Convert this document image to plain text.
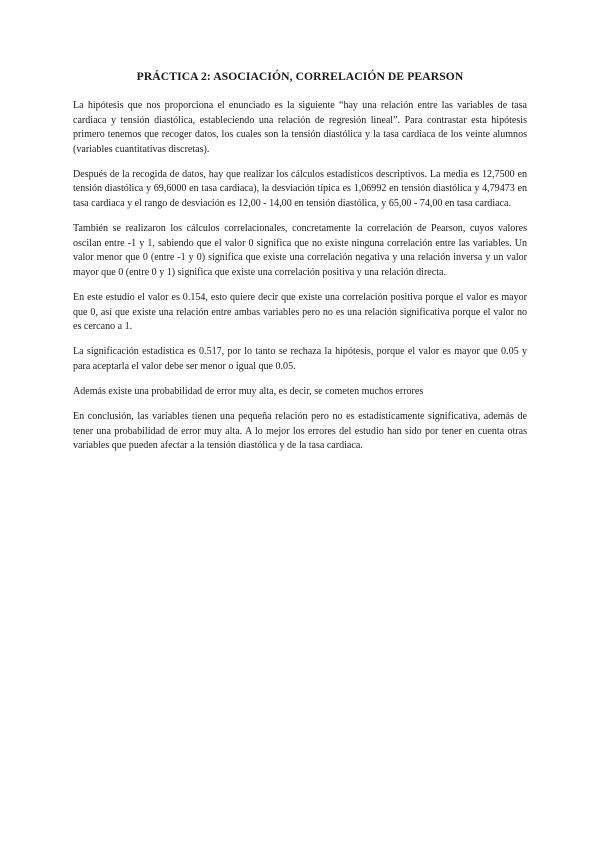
PRÁCTICA 2: ASOCIACIÓN, CORRELACIÓN DE PEARSON

La hipótesis que nos proporciona el enunciado es la siguiente “hay una relación entre las variables de tasa cardiaca y tensión diastólica, estableciendo una relación de regresión lineal”. Para contrastar esta hipótesis primero tenemos que recoger datos, los cuales son la tensión diastólica y la tasa cardiaca de los veinte alumnos (variables cuantitativas discretas).

Después de la recogida de datos, hay que realizar los cálculos estadísticos descriptivos. La media es 12,7500 en tensión diastólica y 69,6000 en tasa cardiaca), la desviación típica es 1,06992 en tensión diastólica y 4,79473 en tasa cardiaca y el rango de desviación es 12,00 - 14,00 en tensión diastólica, y 65,00 - 74,00 en tasa cardiaca.

También se realizaron los cálculos correlacionales, concretamente la correlación de Pearson, cuyos valores oscilan entre -1 y 1, sabiendo que el valor 0 significa que no existe ninguna correlación entre las variables. Un valor menor que 0 (entre -1 y 0) significa que existe una correlación negativa y una relación inversa y un valor mayor que 0 (entre 0 y 1) significa que existe una correlación positiva y una relación directa.

En este estudio el valor es 0.154, esto quiere decir que existe una correlación positiva porque el valor es mayor que 0, así que existe una relación entre ambas variables pero no es una relación significativa porque el valor no es cercano a 1.

La significación estadística es 0.517, por lo tanto se rechaza la hipótesis, porque el valor es mayor que 0.05 y para aceptarla el valor debe ser menor o igual que 0.05.

Además existe una probabilidad de error muy alta, es decir, se cometen muchos errores

En conclusión, las variables tienen una pequeña relación pero no es estadísticamente significativa, además de tener una probabilidad de error muy alta. A lo mejor los errores del estudio han sido por tener en cuenta otras variables que pueden afectar a la tensión diastólica y de la tasa cardiaca.
